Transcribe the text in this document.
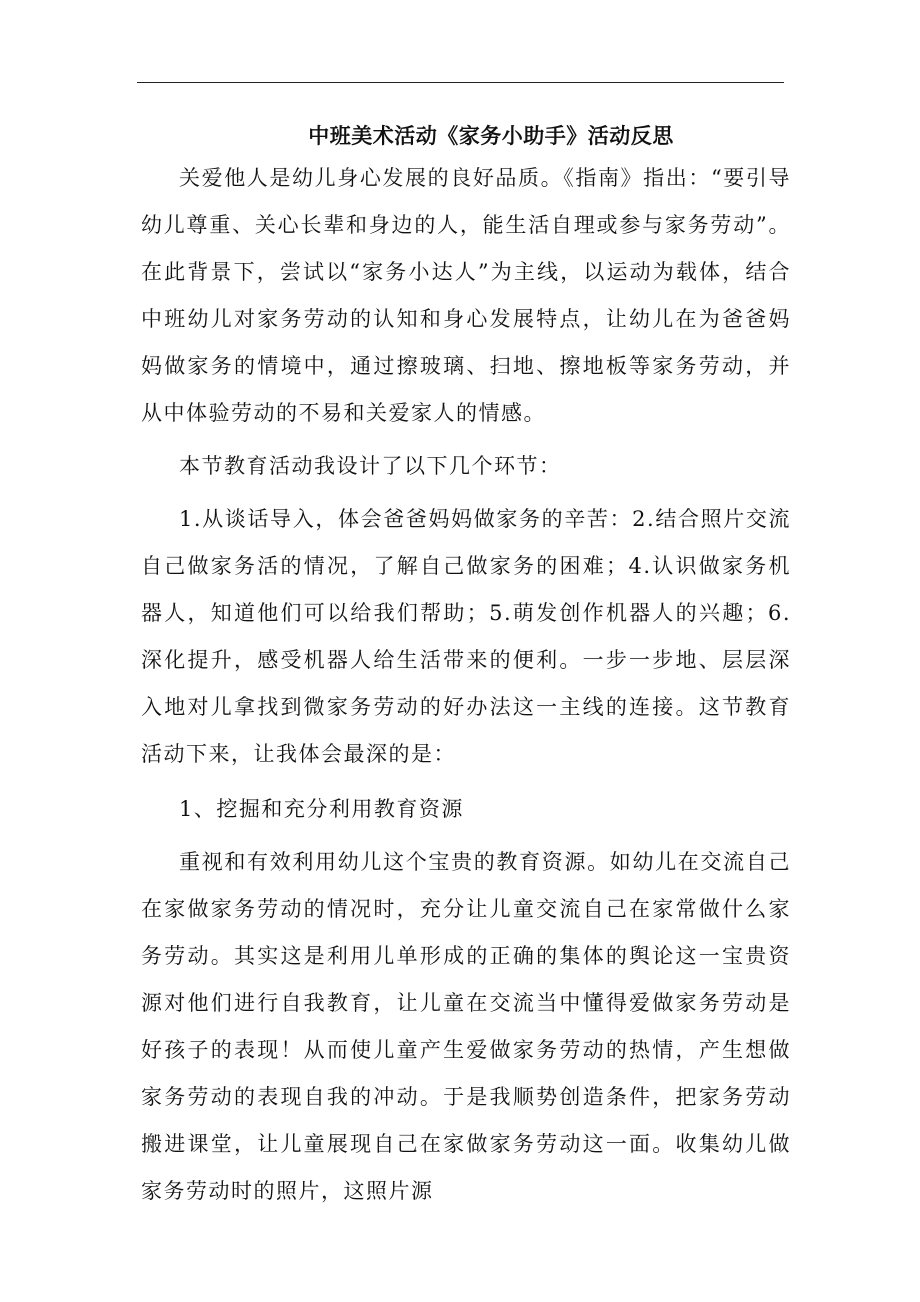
中班美术活动《家务小助手》活动反思

关爱他人是幼儿身心发展的良好品质。《指南》指出：“要引导幼儿尊重、关心长辈和身边的人，能生活自理或参与家务劳动”。在此背景下，尝试以“家务小达人”为主线，以运动为载体，结合中班幼儿对家务劳动的认知和身心发展特点，让幼儿在为爸爸妈妈做家务的情境中，通过擦玻璃、扫地、擦地板等家务劳动，并从中体验劳动的不易和关爱家人的情感。

本节教育活动我设计了以下几个环节：

1.从谈话导入，体会爸爸妈妈做家务的辛苦：2.结合照片交流自己做家务活的情况，了解自己做家务的困难；4.认识做家务机器人，知道他们可以给我们帮助；5.萌发创作机器人的兴趣；6.深化提升，感受机器人给生活带来的便利。一步一步地、层层深入地对儿拿找到微家务劳动的好办法这一主线的连接。这节教育活动下来，让我体会最深的是：

1、挖掘和充分利用教育资源

重视和有效利用幼儿这个宝贵的教育资源。如幼儿在交流自己在家做家务劳动的情况时，充分让儿童交流自己在家常做什么家务劳动。其实这是利用儿单形成的正确的集体的舆论这一宝贵资源对他们进行自我教育，让儿童在交流当中懂得爱做家务劳动是好孩子的表现！从而使儿童产生爱做家务劳动的热情，产生想做家务劳动的表现自我的冲动。于是我顺势创造条件，把家务劳动搬进课堂，让儿童展现自己在家做家务劳动这一面。收集幼儿做家务劳动时的照片，这照片源
